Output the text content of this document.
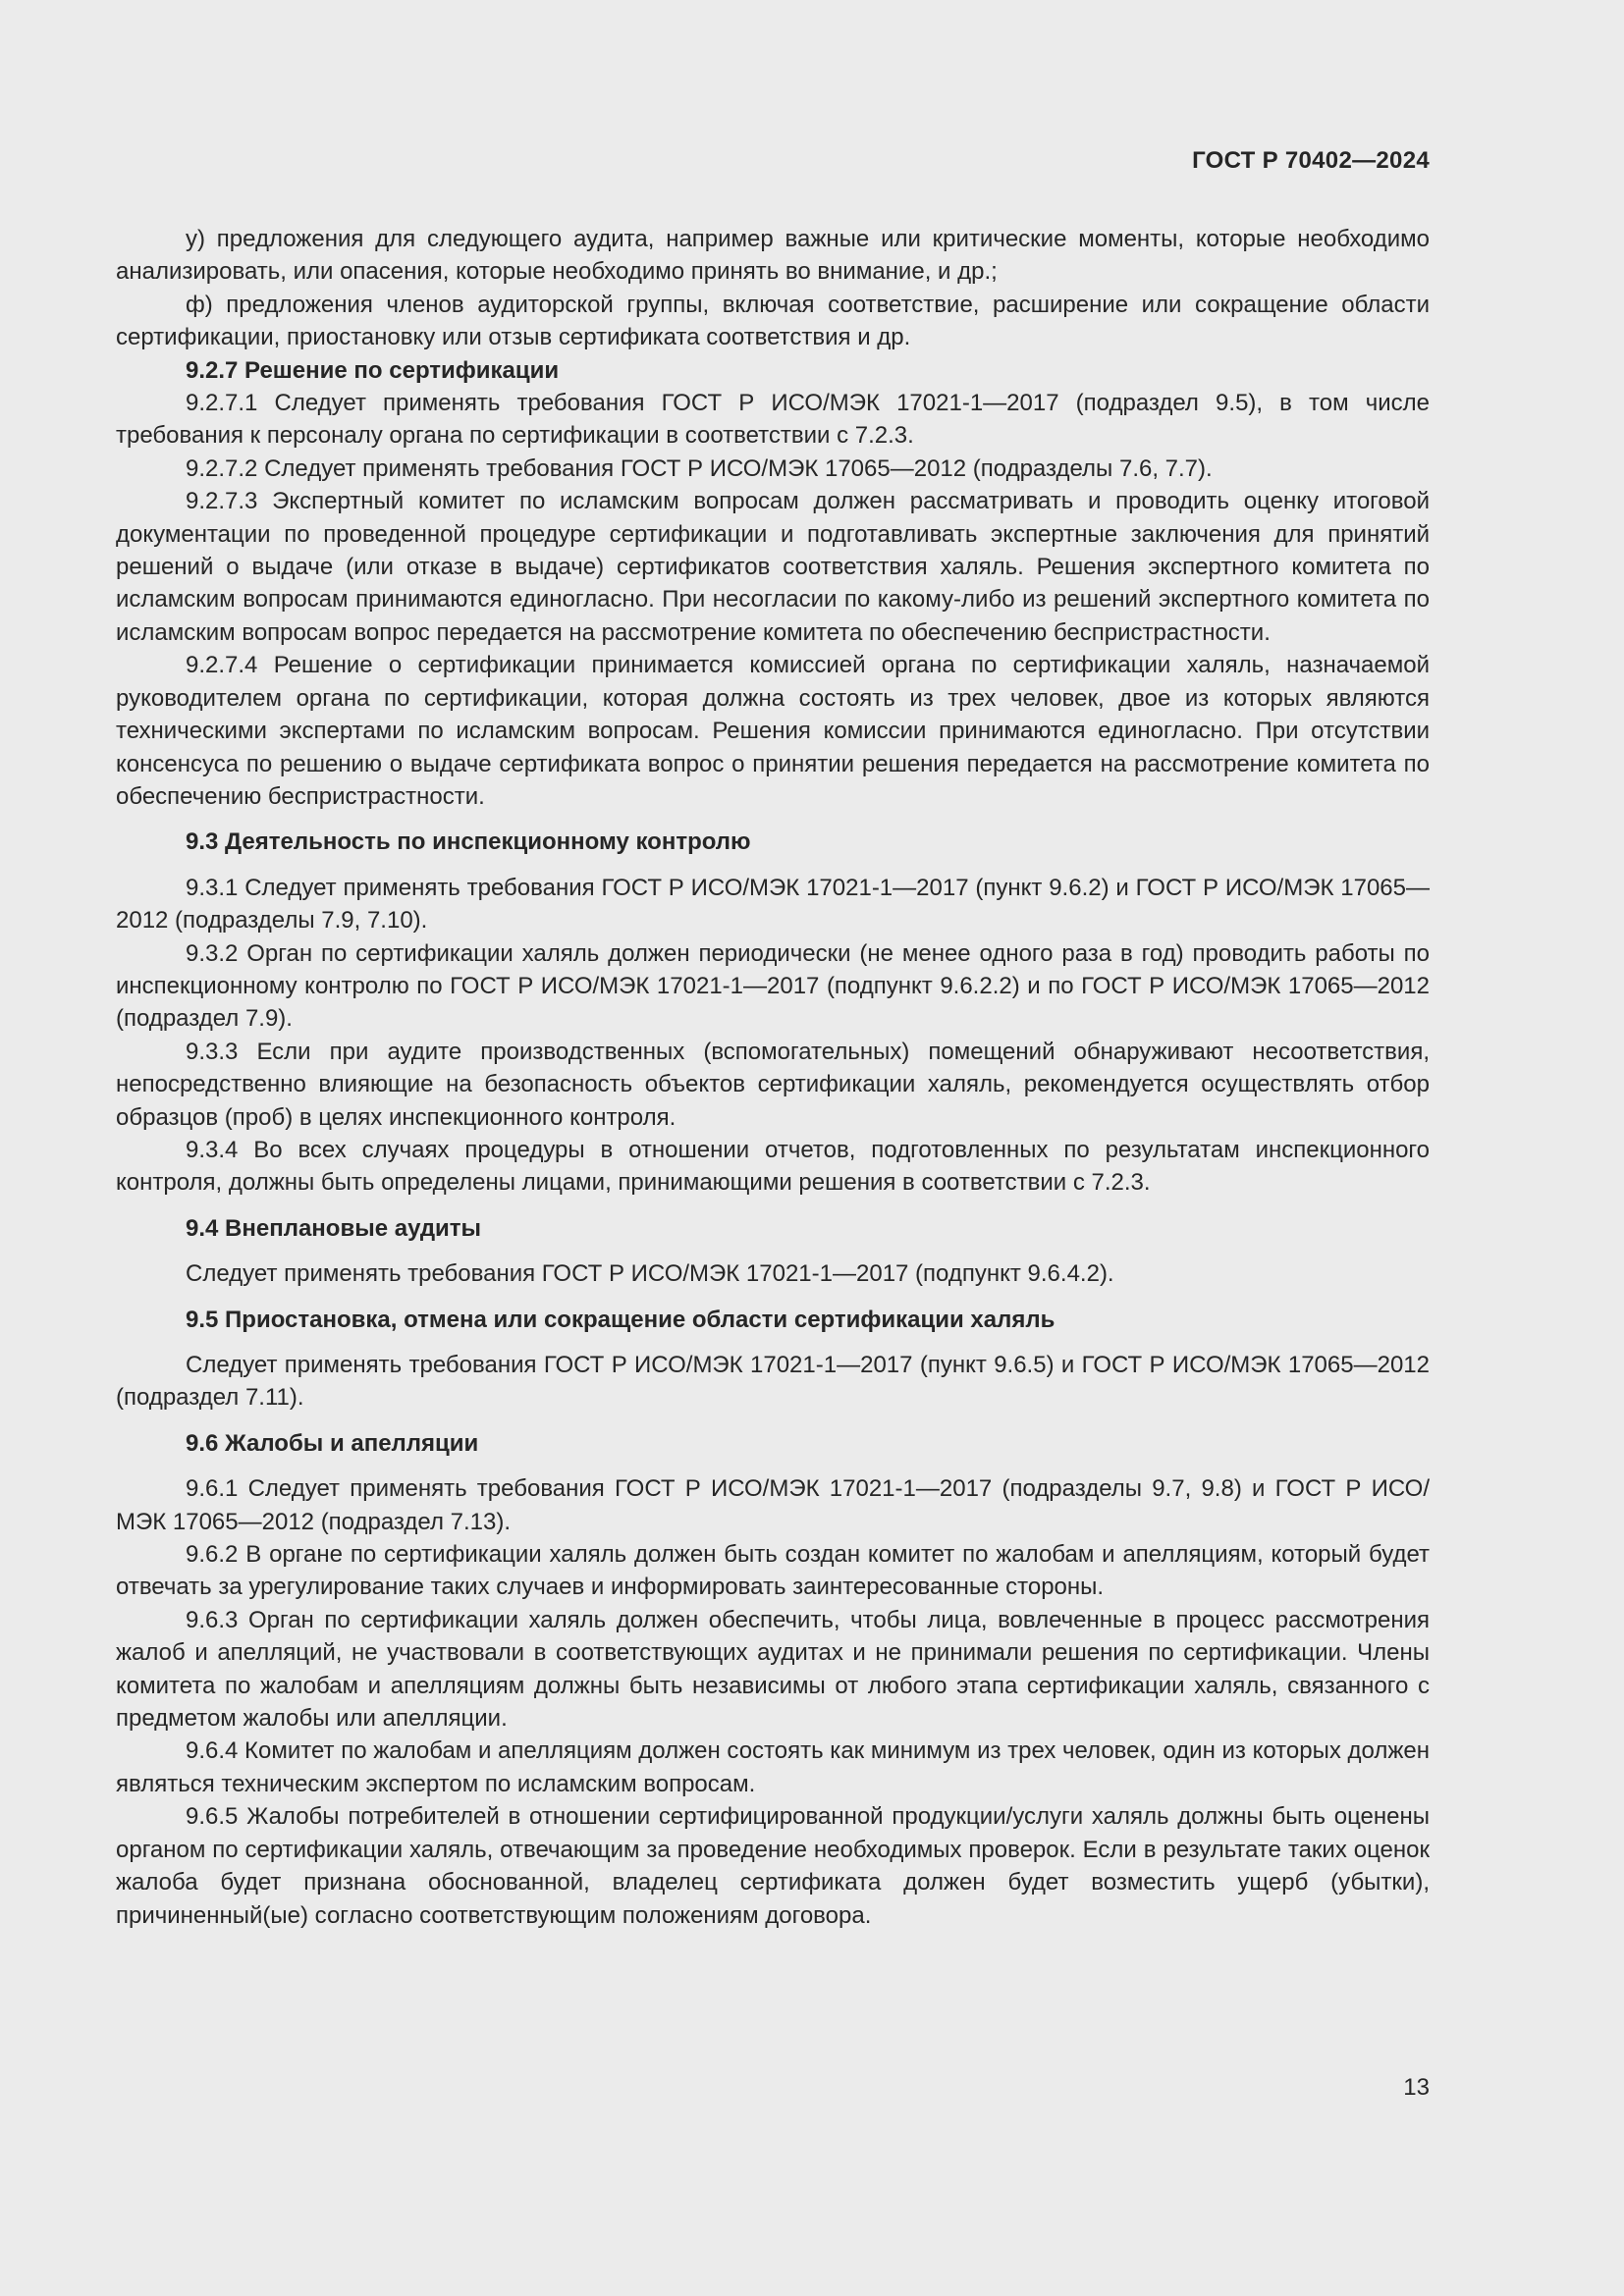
ГОСТ Р 70402—2024

у) предложения для следующего аудита, например важные или критические моменты, которые необходимо анализировать, или опасения, которые необходимо принять во внимание, и др.;

ф) предложения членов аудиторской группы, включая соответствие, расширение или сокращение области сертификации, приостановку или отзыв сертификата соответствия и др.

9.2.7 Решение по сертификации

9.2.7.1 Следует применять требования ГОСТ Р ИСО/МЭК 17021-1—2017 (подраздел 9.5), в том числе требования к персоналу органа по сертификации в соответствии с 7.2.3.

9.2.7.2 Следует применять требования ГОСТ Р ИСО/МЭК 17065—2012 (подразделы 7.6, 7.7).

9.2.7.3 Экспертный комитет по исламским вопросам должен рассматривать и проводить оценку итоговой документации по проведенной процедуре сертификации и подготавливать экспертные заключения для принятий решений о выдаче (или отказе в выдаче) сертификатов соответствия халяль. Решения экспертного комитета по исламским вопросам принимаются единогласно. При несогласии по какому-либо из решений экспертного комитета по исламским вопросам вопрос передается на рассмотрение комитета по обеспечению беспристрастности.

9.2.7.4 Решение о сертификации принимается комиссией органа по сертификации халяль, назначаемой руководителем органа по сертификации, которая должна состоять из трех человек, двое из которых являются техническими экспертами по исламским вопросам. Решения комиссии принимаются единогласно. При отсутствии консенсуса по решению о выдаче сертификата вопрос о принятии решения передается на рассмотрение комитета по обеспечению беспристрастности.

9.3 Деятельность по инспекционному контролю

9.3.1 Следует применять требования ГОСТ Р ИСО/МЭК 17021-1—2017 (пункт 9.6.2) и ГОСТ Р ИСО/МЭК 17065—2012 (подразделы 7.9, 7.10).

9.3.2 Орган по сертификации халяль должен периодически (не менее одного раза в год) проводить работы по инспекционному контролю по ГОСТ Р ИСО/МЭК 17021-1—2017 (подпункт 9.6.2.2) и по ГОСТ Р ИСО/МЭК 17065—2012 (подраздел 7.9).

9.3.3 Если при аудите производственных (вспомогательных) помещений обнаруживают несоответствия, непосредственно влияющие на безопасность объектов сертификации халяль, рекомендуется осуществлять отбор образцов (проб) в целях инспекционного контроля.

9.3.4 Во всех случаях процедуры в отношении отчетов, подготовленных по результатам инспекционного контроля, должны быть определены лицами, принимающими решения в соответствии с 7.2.3.

9.4 Внеплановые аудиты

Следует применять требования ГОСТ Р ИСО/МЭК 17021-1—2017 (подпункт 9.6.4.2).

9.5 Приостановка, отмена или сокращение области сертификации халяль

Следует применять требования ГОСТ Р ИСО/МЭК 17021-1—2017 (пункт 9.6.5) и ГОСТ Р ИСО/МЭК 17065—2012 (подраздел 7.11).

9.6 Жалобы и апелляции

9.6.1 Следует применять требования ГОСТ Р ИСО/МЭК 17021-1—2017 (подразделы 9.7, 9.8) и ГОСТ Р ИСО/МЭК 17065—2012 (подраздел 7.13).

9.6.2 В органе по сертификации халяль должен быть создан комитет по жалобам и апелляциям, который будет отвечать за урегулирование таких случаев и информировать заинтересованные стороны.

9.6.3 Орган по сертификации халяль должен обеспечить, чтобы лица, вовлеченные в процесс рассмотрения жалоб и апелляций, не участвовали в соответствующих аудитах и не принимали решения по сертификации. Члены комитета по жалобам и апелляциям должны быть независимы от любого этапа сертификации халяль, связанного с предметом жалобы или апелляции.

9.6.4 Комитет по жалобам и апелляциям должен состоять как минимум из трех человек, один из которых должен являться техническим экспертом по исламским вопросам.

9.6.5 Жалобы потребителей в отношении сертифицированной продукции/услуги халяль должны быть оценены органом по сертификации халяль, отвечающим за проведение необходимых проверок. Если в результате таких оценок жалоба будет признана обоснованной, владелец сертификата должен будет возместить ущерб (убытки), причиненный(ые) согласно соответствующим положениям договора.

13
